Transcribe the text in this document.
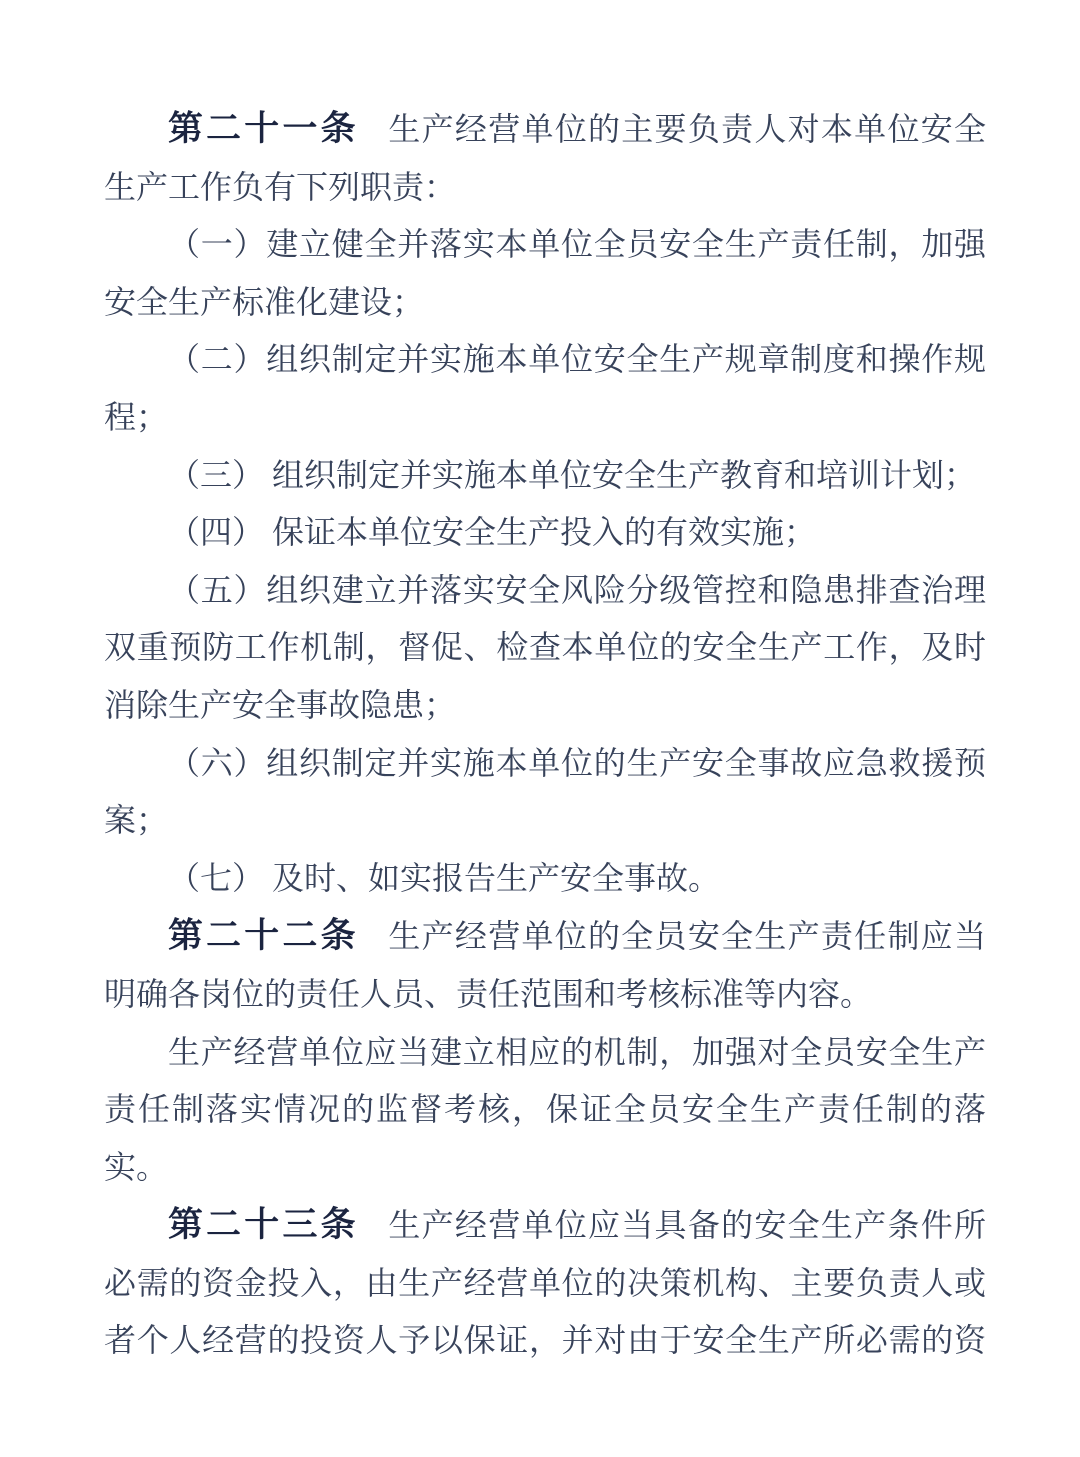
第二十一条 生产经营单位的主要负责人对本单位安全
生产工作负有下列职责：
（一）建立健全并落实本单位全员安全生产责任制，加强
安全生产标准化建设；
（二）组织制定并实施本单位安全生产规章制度和操作规
程；
（三） 组织制定并实施本单位安全生产教育和培训计划；
（四） 保证本单位安全生产投入的有效实施；
（五）组织建立并落实安全风险分级管控和隐患排查治理
双重预防工作机制，督促、检查本单位的安全生产工作，及时
消除生产安全事故隐患；
（六）组织制定并实施本单位的生产安全事故应急救援预
案；
（七） 及时、如实报告生产安全事故。
第二十二条 生产经营单位的全员安全生产责任制应当
明确各岗位的责任人员、责任范围和考核标准等内容。
生产经营单位应当建立相应的机制，加强对全员安全生产
责任制落实情况的监督考核，保证全员安全生产责任制的落
实。
第二十三条 生产经营单位应当具备的安全生产条件所
必需的资金投入，由生产经营单位的决策机构、主要负责人或
者个人经营的投资人予以保证，并对由于安全生产所必需的资
